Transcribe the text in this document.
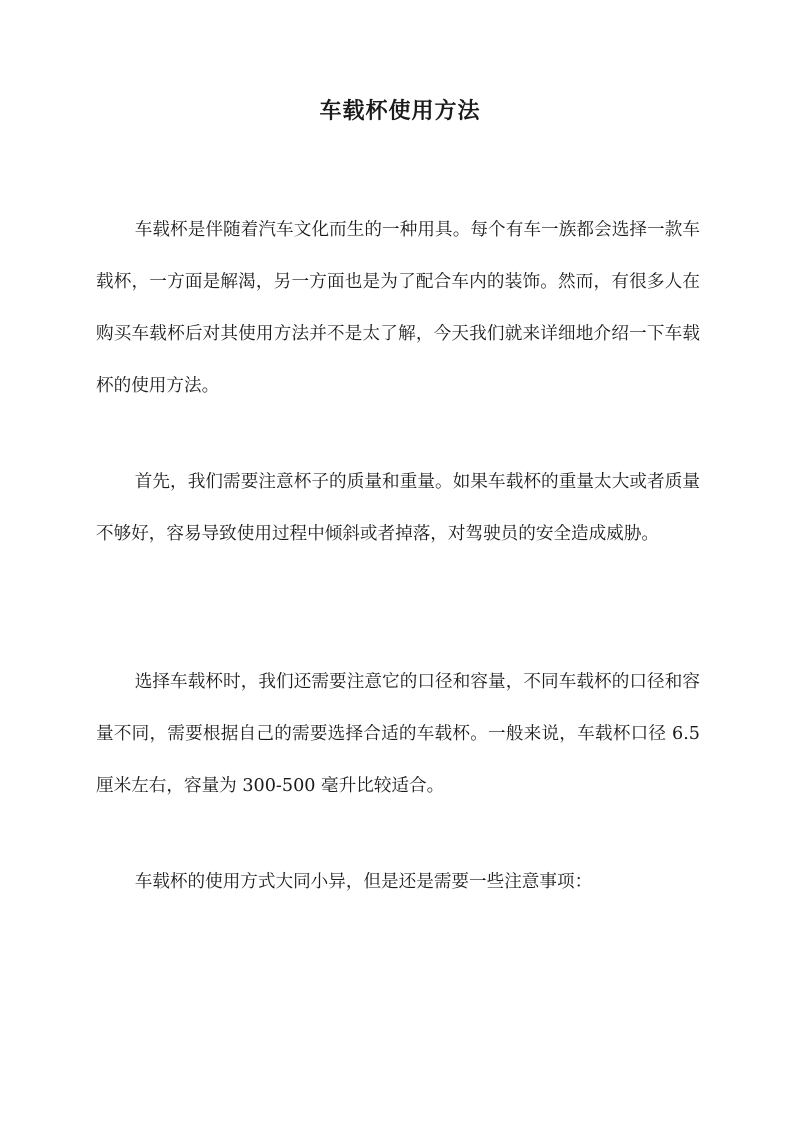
车载杯使用方法

车载杯是伴随着汽车文化而生的一种用具。每个有车一族都会选择一款车载杯，一方面是解渴，另一方面也是为了配合车内的装饰。然而，有很多人在购买车载杯后对其使用方法并不是太了解，今天我们就来详细地介绍一下车载杯的使用方法。

首先，我们需要注意杯子的质量和重量。如果车载杯的重量太大或者质量不够好，容易导致使用过程中倾斜或者掉落，对驾驶员的安全造成威胁。

选择车载杯时，我们还需要注意它的口径和容量，不同车载杯的口径和容量不同，需要根据自己的需要选择合适的车载杯。一般来说，车载杯口径 6.5 厘米左右，容量为 300-500 毫升比较适合。

车载杯的使用方式大同小异，但是还是需要一些注意事项：
